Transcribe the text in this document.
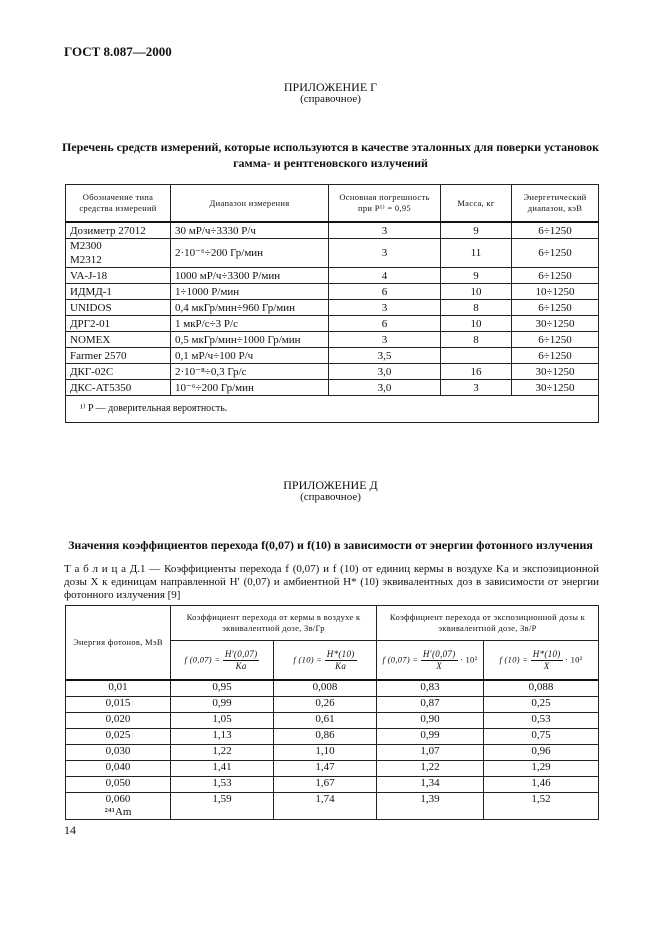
ГОСТ 8.087—2000
ПРИЛОЖЕНИЕ Г
(справочное)
Перечень средств измерений, которые используются в качестве эталонных для поверки установок
гамма- и рентгеновского излучений
Обозначение типа средства измерений	Диапазон измерения	Основная погрешность при P¹⁾ = 0,95	Масса, кг	Энергетический диапазон, кэВ
Дозиметр 27012	30 мР/ч÷3330 Р/ч	3	9	6÷1250
M2300
M2312	2·10⁻⁶÷200 Гр/мин	3	11	6÷1250
VA-J-18	1000 мР/ч÷3300 Р/мин	4	9	6÷1250
ИДМД-1	1÷1000 Р/мин	6	10	10÷1250
UNIDOS	0,4 мкГр/мин÷960 Гр/мин	3	8	6÷1250
ДРГ2-01	1 мкР/с÷3 Р/с	6	10	30÷1250
NOMEX	0,5 мкГр/мин÷1000 Гр/мин	3	8	6÷1250
Farmer 2570	0,1 мР/ч÷100 Р/ч	3,5		6÷1250
ДКГ-02С	2·10⁻⁸÷0,3 Гр/с	3,0	16	30÷1250
ДКС-АТ5350	10⁻⁶÷200 Гр/мин	3,0	3	30÷1250
¹⁾ P — доверительная вероятность.				
ПРИЛОЖЕНИЕ Д
(справочное)
Значения коэффициентов перехода f(0,07) и f(10) в зависимости от энергии фотонного излучения
Т а б л и ц а Д.1 — Коэффициенты перехода f (0,07) и f (10) от единиц кермы в воздухе Kа и экспозиционной дозы X к единицам направленной H′ (0,07) и амбиентной H* (10) эквивалентных доз в зависимости от энергии фотонного излучения [9]
Энергия фотонов, МэВ	Коэффициент перехода от кермы в воздухе к эквивалентной дозе, Зв/Гр		Коэффициент перехода от экспозиционной дозы к эквивалентной дозе, Зв/Р	
	f $(0,07) = \frac{H'(0,07)}{Kа}$	f $(10) = \frac{H*(10)}{Kа}$	f $(0,07) = \frac{H'(0,07)}{X} \cdot 10^2$	f $(10) = \frac{H*(10)}{X} \cdot 10^2$
0,01	0,95	0,008	0,83	0,088
0,015	0,99	0,26	0,87	0,25
0,020	1,05	0,61	0,90	0,53
0,025	1,13	0,86	0,99	0,75
0,030	1,22	1,10	1,07	0,96
0,040	1,41	1,47	1,22	1,29
0,050	1,53	1,67	1,34	1,46
0,060
²⁴¹Am	1,59	1,74	1,39	1,52
14
